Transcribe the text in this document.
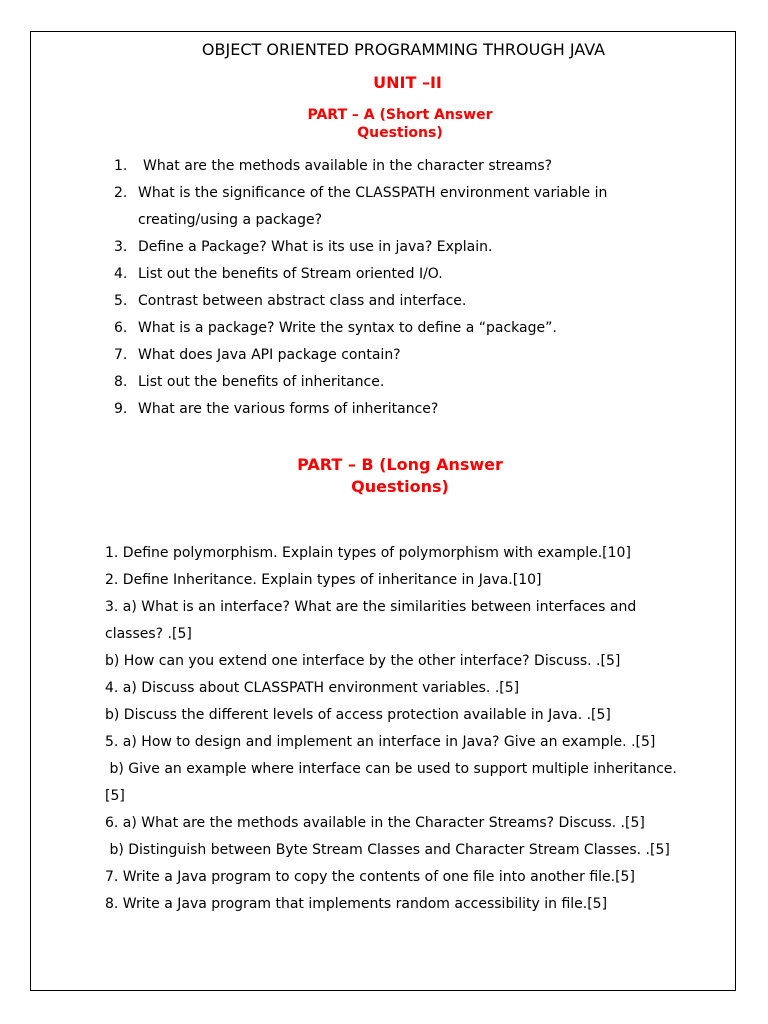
OBJECT ORIENTED PROGRAMMING THROUGH JAVA
UNIT –II
PART – A (Short Answer
Questions)
1. What are the methods available in the character streams?
2. What is the significance of the CLASSPATH environment variable in
creating/using a package?
3. Define a Package? What is its use in java? Explain.
4. List out the benefits of Stream oriented I/O.
5. Contrast between abstract class and interface.
6. What is a package? Write the syntax to define a “package”.
7. What does Java API package contain?
8. List out the benefits of inheritance.
9. What are the various forms of inheritance?
PART – B (Long Answer
Questions)
1. Define polymorphism. Explain types of polymorphism with example.[10]
2. Define Inheritance. Explain types of inheritance in Java.[10]
3. a) What is an interface? What are the similarities between interfaces and
classes? .[5]
b) How can you extend one interface by the other interface? Discuss. .[5]
4. a) Discuss about CLASSPATH environment variables. .[5]
b) Discuss the different levels of access protection available in Java. .[5]
5. a) How to design and implement an interface in Java? Give an example. .[5]
b) Give an example where interface can be used to support multiple inheritance.
[5]
6. a) What are the methods available in the Character Streams? Discuss. .[5]
b) Distinguish between Byte Stream Classes and Character Stream Classes. .[5]
7. Write a Java program to copy the contents of one file into another file.[5]
8. Write a Java program that implements random accessibility in file.[5]
